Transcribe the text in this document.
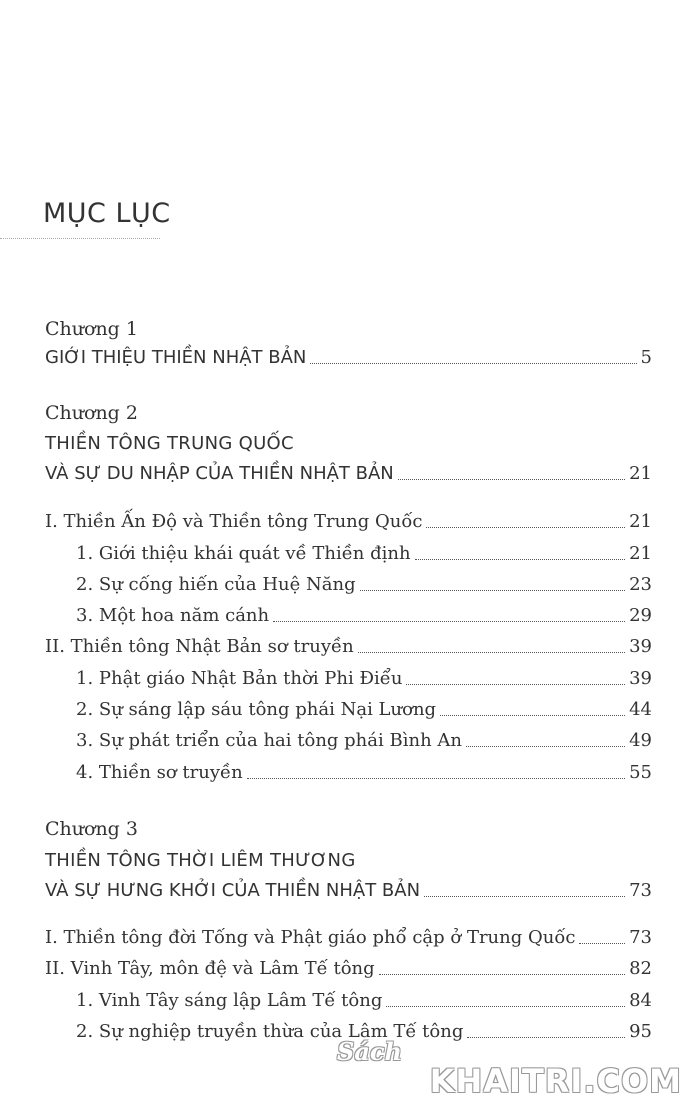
MỤC LỤC
Chương 1
GIỚI THIỆU THIỀN NHẬT BẢN	5
Chương 2
THIỀN TÔNG TRUNG QUỐC
VÀ SỰ DU NHẬP CỦA THIỀN NHẬT BẢN	21
I. Thiền Ấn Độ và Thiền tông Trung Quốc	21
1. Giới thiệu khái quát về Thiền định	21
2. Sự cống hiến của Huệ Năng	23
3. Một hoa năm cánh	29
II. Thiền tông Nhật Bản sơ truyền	39
1. Phật giáo Nhật Bản thời Phi Điểu	39
2. Sự sáng lập sáu tông phái Nại Lương	44
3. Sự phát triển của hai tông phái Bình An	49
4. Thiền sơ truyền	55
Chương 3
THIỀN TÔNG THỜI LIÊM THƯƠNG
VÀ SỰ HƯNG KHỞI CỦA THIỀN NHẬT BẢN	73
I. Thiền tông đời Tống và Phật giáo phổ cập ở Trung Quốc	73
II. Vinh Tây, môn đệ và Lâm Tế tông	82
1. Vinh Tây sáng lập Lâm Tế tông	84
2. Sự nghiệp truyền thừa của Lâm Tế tông	95
Sách
KHAITRI.COM
